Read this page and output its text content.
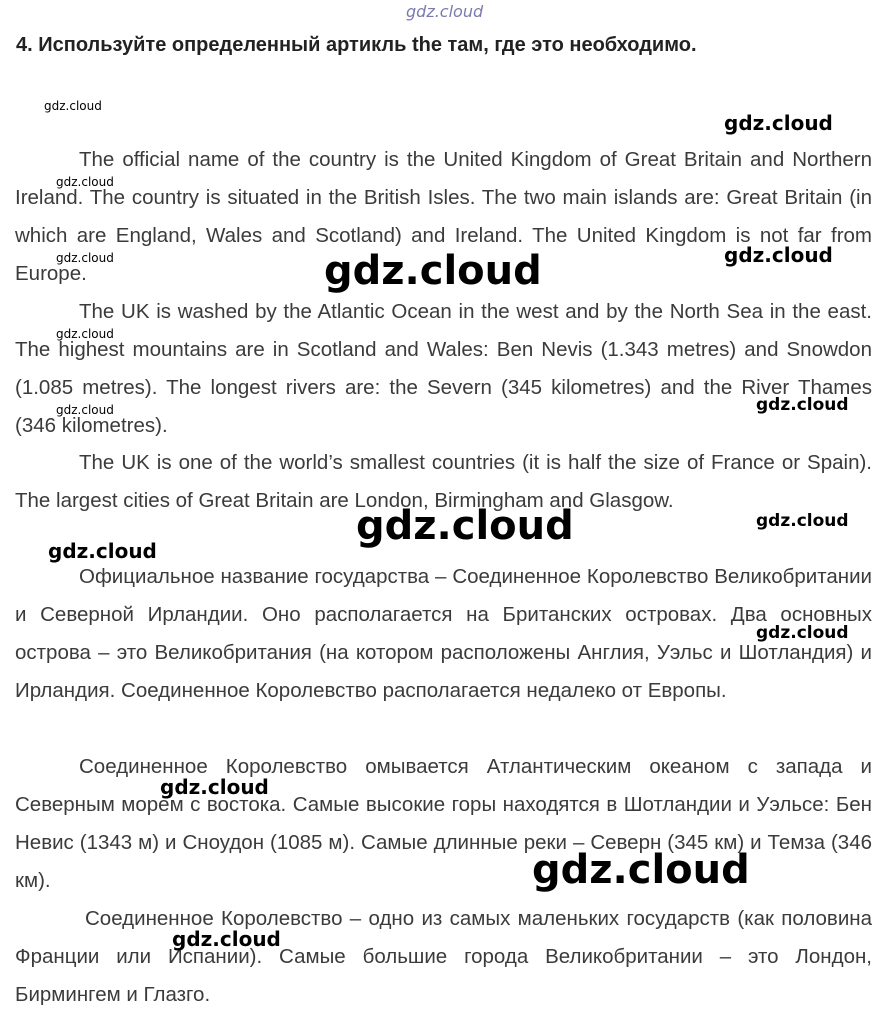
gdz.cloud
4. Используйте определенный артикль the там, где это необходимо.

The official name of the country is the United Kingdom of Great Britain and Northern Ireland. The country is situated in the British Isles. The two main islands are: Great Britain (in which are England, Wales and Scotland) and Ireland. The United Kingdom is not far from Europe.

The UK is washed by the Atlantic Ocean in the west and by the North Sea in the east. The highest mountains are in Scotland and Wales: Ben Nevis (1.343 metres) and Snowdon (1.085 metres). The longest rivers are: the Severn (345 kilometres) and the River Thames (346 kilometres).

The UK is one of the world’s smallest countries (it is half the size of France or Spain). The largest cities of Great Britain are London, Birmingham and Glasgow.

Официальное название государства – Соединенное Королевство Великобритании и Северной Ирландии. Оно располагается на Британских островах. Два основных острова – это Великобритания (на котором расположены Англия, Уэльс и Шотландия) и Ирландия. Соединенное Королевство располагается недалеко от Европы.

Соединенное Королевство омывается Атлантическим океаном с запада и Северным морем с востока. Самые высокие горы находятся в Шотландии и Уэльсе: Бен Невис (1343 м) и Сноудон (1085 м). Самые длинные реки – Северн (345 км) и Темза (346 км).

Соединенное Королевство – одно из самых маленьких государств (как половина Франции или Испании). Самые большие города Великобритании – это Лондон, Бирмингем и Глазго.

gdz.cloud
gdz.cloud
gdz.cloud
gdz.cloud	gdz.cloud
gdz.cloud
gdz.cloud
gdz.cloud
gdz.cloud
gdz.cloud	gdz.cloud
gdz.cloud
gdz.cloud
gdz.cloud
gdz.cloud
gdz.cloud
